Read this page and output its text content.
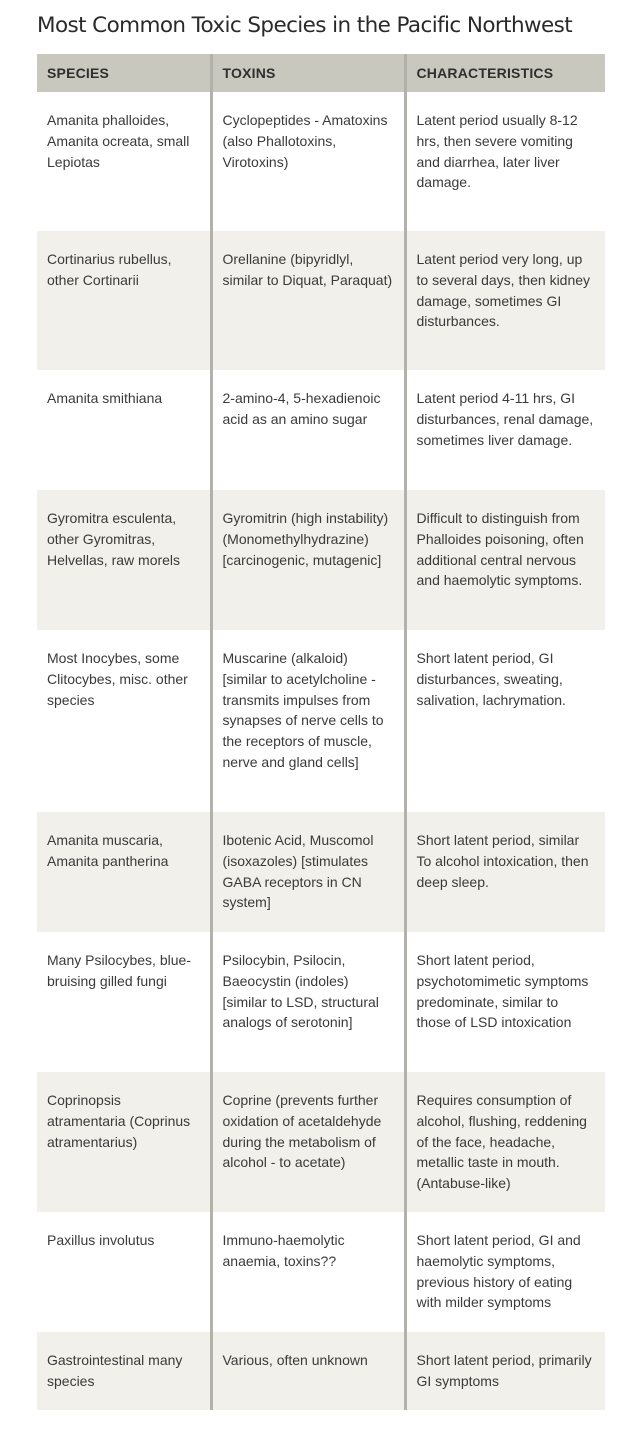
Most Common Toxic Species in the Pacific Northwest
SPECIES	TOXINS	CHARACTERISTICS
Amanita phalloides, Amanita ocreata, small Lepiotas	Cyclopeptides - Amatoxins (also Phallotoxins, Virotoxins)	Latent period usually 8-12 hrs, then severe vomiting and diarrhea, later liver damage.
Cortinarius rubellus, other Cortinarii	Orellanine (bipyridlyl, similar to Diquat, Paraquat)	Latent period very long, up to several days, then kidney damage, sometimes GI disturbances.
Amanita smithiana	2-amino-4, 5-hexadienoic acid as an amino sugar	Latent period 4-11 hrs, GI disturbances, renal damage, sometimes liver damage.
Gyromitra esculenta, other Gyromitras, Helvellas, raw morels	Gyromitrin (high instability) (Monomethylhydrazine) [carcinogenic, mutagenic]	Difficult to distinguish from Phalloides poisoning, often additional central nervous and haemolytic symptoms.
Most Inocybes, some Clitocybes, misc. other species	Muscarine (alkaloid) [similar to acetylcholine - transmits impulses from synapses of nerve cells to the receptors of muscle, nerve and gland cells]	Short latent period, GI disturbances, sweating, salivation, lachrymation.
Amanita muscaria, Amanita pantherina	Ibotenic Acid, Muscomol (isoxazoles) [stimulates GABA receptors in CN system]	Short latent period, similar To alcohol intoxication, then deep sleep.
Many Psilocybes, blue-bruising gilled fungi	Psilocybin, Psilocin, Baeocystin (indoles) [similar to LSD, structural analogs of serotonin]	Short latent period, psychotomimetic symptoms predominate, similar to those of LSD intoxication
Coprinopsis atramentaria (Coprinus atramentarius)	Coprine (prevents further oxidation of acetaldehyde during the metabolism of alcohol - to acetate)	Requires consumption of alcohol, flushing, reddening of the face, headache, metallic taste in mouth. (Antabuse-like)
Paxillus involutus	Immuno-haemolytic anaemia, toxins??	Short latent period, GI and haemolytic symptoms, previous history of eating with milder symptoms
Gastrointestinal many species	Various, often unknown	Short latent period, primarily GI symptoms
